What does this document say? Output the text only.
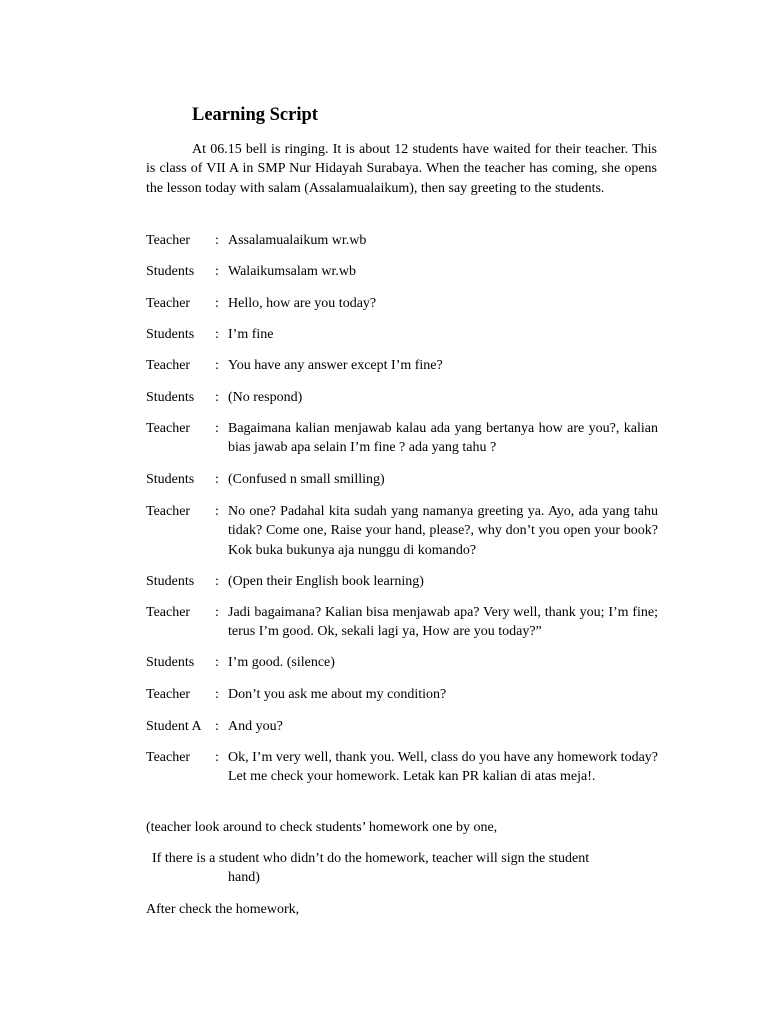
Learning Script

At 06.15 bell is ringing. It is about 12 students have waited for their teacher. This is class of VII A in SMP Nur Hidayah Surabaya. When the teacher has coming, she opens the lesson today with salam (Assalamualaikum), then say greeting to the students.

Teacher : Assalamualaikum wr.wb
Students : Walaikumsalam wr.wb
Teacher : Hello, how are you today?
Students : I’m fine
Teacher : You have any answer except I’m fine?
Students : (No respond)
Teacher : Bagaimana kalian menjawab kalau ada yang bertanya how are you?, kalian bias jawab apa selain I’m fine ? ada yang tahu ?
Students : (Confused n small smilling)
Teacher : No one? Padahal kita sudah yang namanya greeting ya. Ayo, ada yang tahu tidak? Come one, Raise your hand, please?, why don’t you open your book? Kok buka bukunya aja nunggu di komando?
Students : (Open their English book learning)
Teacher : Jadi bagaimana? Kalian bisa menjawab apa? Very well, thank you; I’m fine; terus I’m good. Ok, sekali lagi ya, How are you today?”
Students : I’m good. (silence)
Teacher : Don’t you ask me about my condition?
Student A : And you?
Teacher : Ok, I’m very well, thank you. Well, class do you have any homework today? Let me check your homework. Letak kan PR kalian di atas meja!.

(teacher look around to check students’ homework one by one,

If there is a student who didn’t do the homework, teacher will sign the student
hand)

After check the homework,
